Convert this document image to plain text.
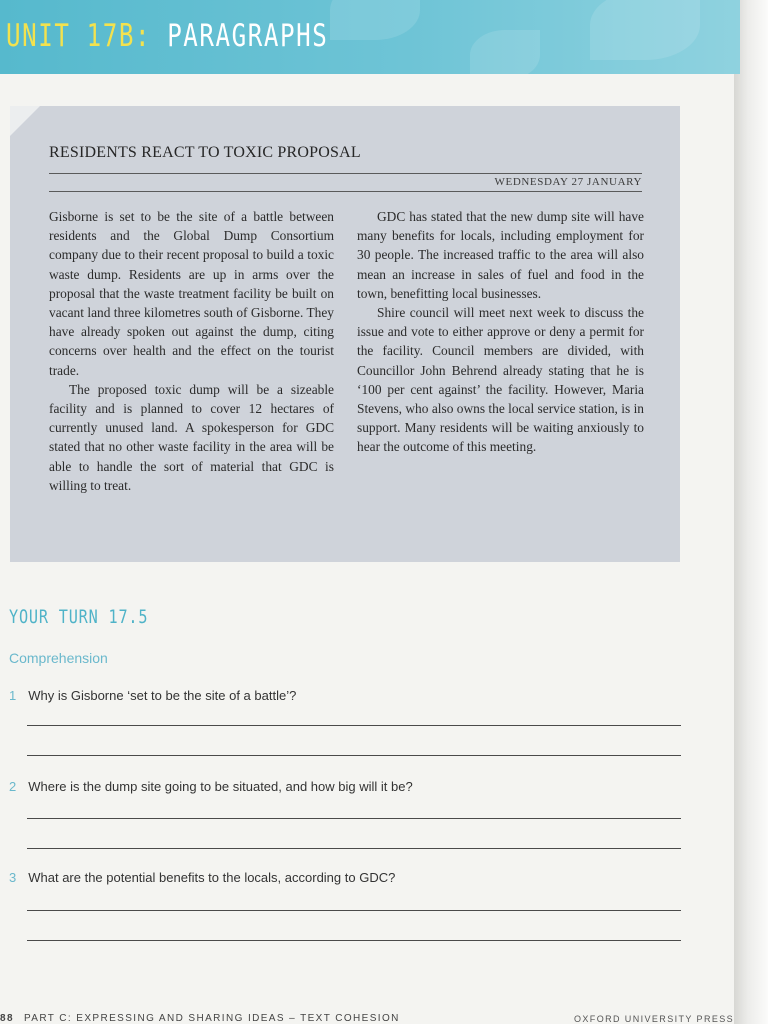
UNIT 17B: PARAGRAPHS
RESIDENTS REACT TO TOXIC PROPOSAL
WEDNESDAY 27 JANUARY

Gisborne is set to be the site of a battle between residents and the Global Dump Consortium company due to their recent proposal to build a toxic waste dump. Residents are up in arms over the proposal that the waste treatment facility be built on vacant land three kilometres south of Gisborne. They have already spoken out against the dump, citing concerns over health and the effect on the tourist trade.

The proposed toxic dump will be a sizeable facility and is planned to cover 12 hectares of currently unused land. A spokesperson for GDC stated that no other waste facility in the area will be able to handle the sort of material that GDC is willing to treat.

GDC has stated that the new dump site will have many benefits for locals, including employment for 30 people. The increased traffic to the area will also mean an increase in sales of fuel and food in the town, benefitting local businesses.

Shire council will meet next week to discuss the issue and vote to either approve or deny a permit for the facility. Council members are divided, with Councillor John Behrend already stating that he is ‘100 per cent against’ the facility. However, Maria Stevens, who also owns the local service station, is in support. Many residents will be waiting anxiously to hear the outcome of this meeting.

YOUR TURN 17.5
Comprehension
1 Why is Gisborne ‘set to be the site of a battle’?
2 Where is the dump site going to be situated, and how big will it be?
3 What are the potential benefits to the locals, according to GDC?
88 PART C: EXPRESSING AND SHARING IDEAS – TEXT COHESION	OXFORD UNIVERSITY PRESS
